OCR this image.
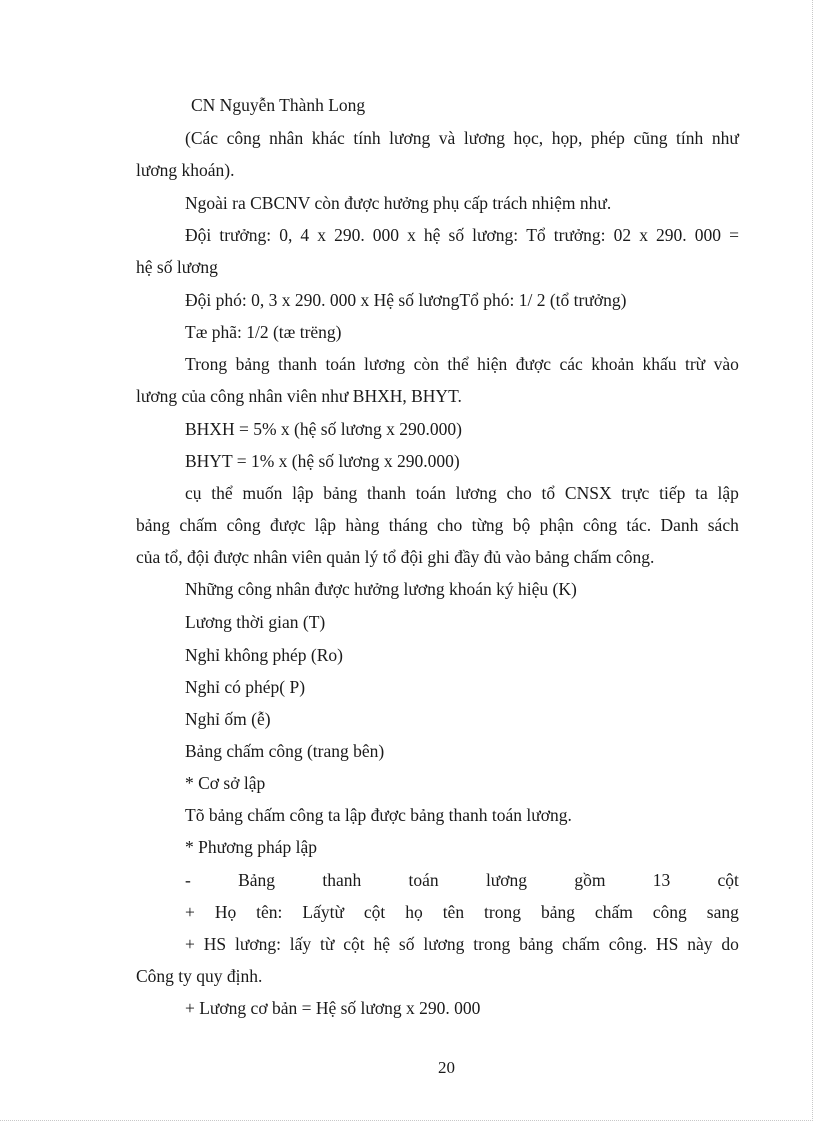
CN Nguyễn Thành Long
(Các công nhân khác tính lương và lương học, họp, phép cũng tính như
lương khoán).
Ngoài ra CBCNV còn được hưởng phụ cấp trách nhiệm như.
Đội trưởng: 0, 4 x 290. 000 x hệ số lương: Tổ trưởng: 02 x 290. 000 =
hệ số lương
Đội phó: 0, 3 x 290. 000 x Hệ số lươngTổ phó: 1/ 2 (tổ trưởng)
Tæ phã: 1/2 (tæ trëng)
Trong bảng thanh toán lương còn thể hiện được các khoản khấu trừ vào
lương của công nhân viên như BHXH, BHYT.
BHXH = 5% x (hệ số lương x 290.000)
BHYT = 1% x (hệ số lương x 290.000)
cụ thể muốn lập bảng thanh toán lương cho tổ CNSX trực tiếp ta lập
bảng chấm công được lập hàng tháng cho từng bộ phận công tác. Danh sách
của tổ, đội được nhân viên quản lý tổ đội ghi đầy đủ vào bảng chấm công.
Những công nhân được hưởng lương khoán ký hiệu (K)
Lương thời gian (T)
Nghỉ không phép (Ro)
Nghỉ có phép( P)
Nghỉ ốm (ễ)
Bảng chấm công (trang bên)
* Cơ sở lập
Tõ bảng chấm công ta lập được bảng thanh toán lương.
* Phương pháp lập
-	Bảng	thanh	toán	lương	gồm	13	cột
+ Họ tên: Lấytừ cột họ tên trong bảng chấm công sang
+ HS lương: lấy từ cột hệ số lương trong bảng chấm công. HS này do
Công ty quy định.
+ Lương cơ bản = Hệ số lương x 290. 000
20
